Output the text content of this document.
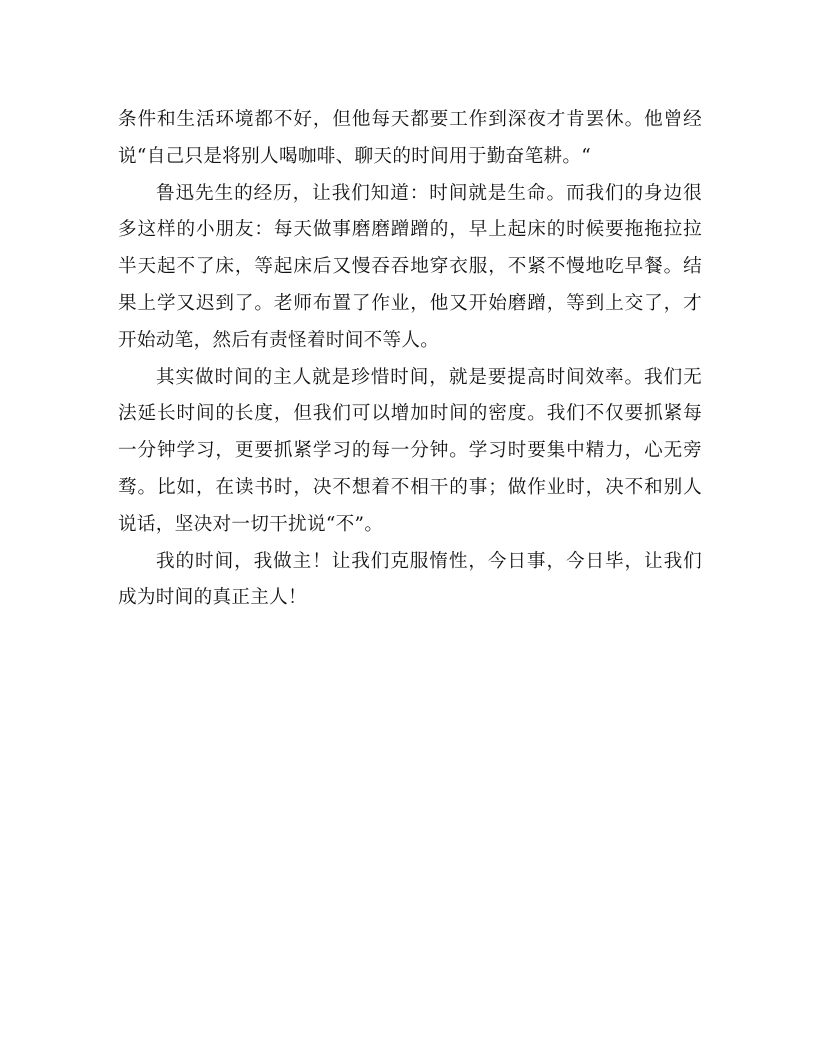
条件和生活环境都不好，但他每天都要工作到深夜才肯罢休。他曾经说“自己只是将别人喝咖啡、聊天的时间用于勤奋笔耕。“

鲁迅先生的经历，让我们知道：时间就是生命。而我们的身边很多这样的小朋友：每天做事磨磨蹭蹭的，早上起床的时候要拖拖拉拉半天起不了床，等起床后又慢吞吞地穿衣服，不紧不慢地吃早餐。结果上学又迟到了。老师布置了作业，他又开始磨蹭，等到上交了，才开始动笔，然后有责怪着时间不等人。

其实做时间的主人就是珍惜时间，就是要提高时间效率。我们无法延长时间的长度，但我们可以增加时间的密度。我们不仅要抓紧每一分钟学习，更要抓紧学习的每一分钟。学习时要集中精力，心无旁骛。比如，在读书时，决不想着不相干的事；做作业时，决不和别人说话，坚决对一切干扰说“不”。

我的时间，我做主！让我们克服惰性，今日事，今日毕，让我们成为时间的真正主人！
